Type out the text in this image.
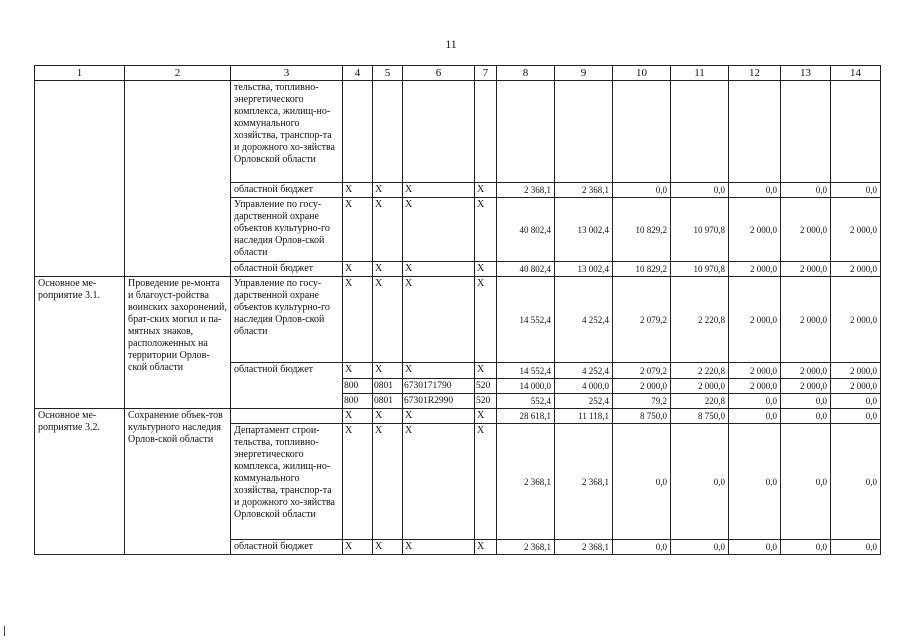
11
1	2	3	4	5	6	7	8	9	10	11	12	13	14
		тельства, топливно-энергетического комплекса, жилищ-но-коммунального хозяйства, транспор-та и дорожного хо-зяйства Орловской области											
		областной бюджет	X	X	X	X	2 368,1	2 368,1	0,0	0,0	0,0	0,0	0,0
		Управление по госу-дарственной охране объектов культурно-го наследия Орлов-ской области	X	X	X	X	40 802,4	13 002,4	10 829,2	10 970,8	2 000,0	2 000,0	2 000,0
		областной бюджет	X	X	X	X	40 802,4	13 002,4	10 829,2	10 970,8	2 000,0	2 000,0	2 000,0
Основное ме-роприятие 3.1.	Проведение ре-монта и благоуст-ройства воинских захоронений, брат-ских могил и па-мятных знаков, расположенных на территории Орлов-ской области	Управление по госу-дарственной охране объектов культурно-го наследия Орлов-ской области	X	X	X	X	14 552,4	4 252,4	2 079,2	2 220,8	2 000,0	2 000,0	2 000,0
		областной бюджет	X	X	X	X	14 552,4	4 252,4	2 079,2	2 220,8	2 000,0	2 000,0	2 000,0
			800	0801	6730171790	520	14 000,0	4 000,0	2 000,0	2 000,0	2 000,0	2 000,0	2 000,0
			800	0801	67301R2990	520	552,4	252,4	79,2	220,8	0,0	0,0	0,0
Основное ме-роприятие 3.2.	Сохранение объек-тов культурного наследия Орлов-ской области		X	X	X	X	28 618,1	11 118,1	8 750,0	8 750,0	0,0	0,0	0,0
		Департамент строи-тельства, топливно-энергетического комплекса, жилищ-но-коммунального хозяйства, транспор-та и дорожного хо-зяйства Орловской области	X	X	X	X	2 368,1	2 368,1	0,0	0,0	0,0	0,0	0,0
		областной бюджет	X	X	X	X	2 368,1	2 368,1	0,0	0,0	0,0	0,0	0,0
